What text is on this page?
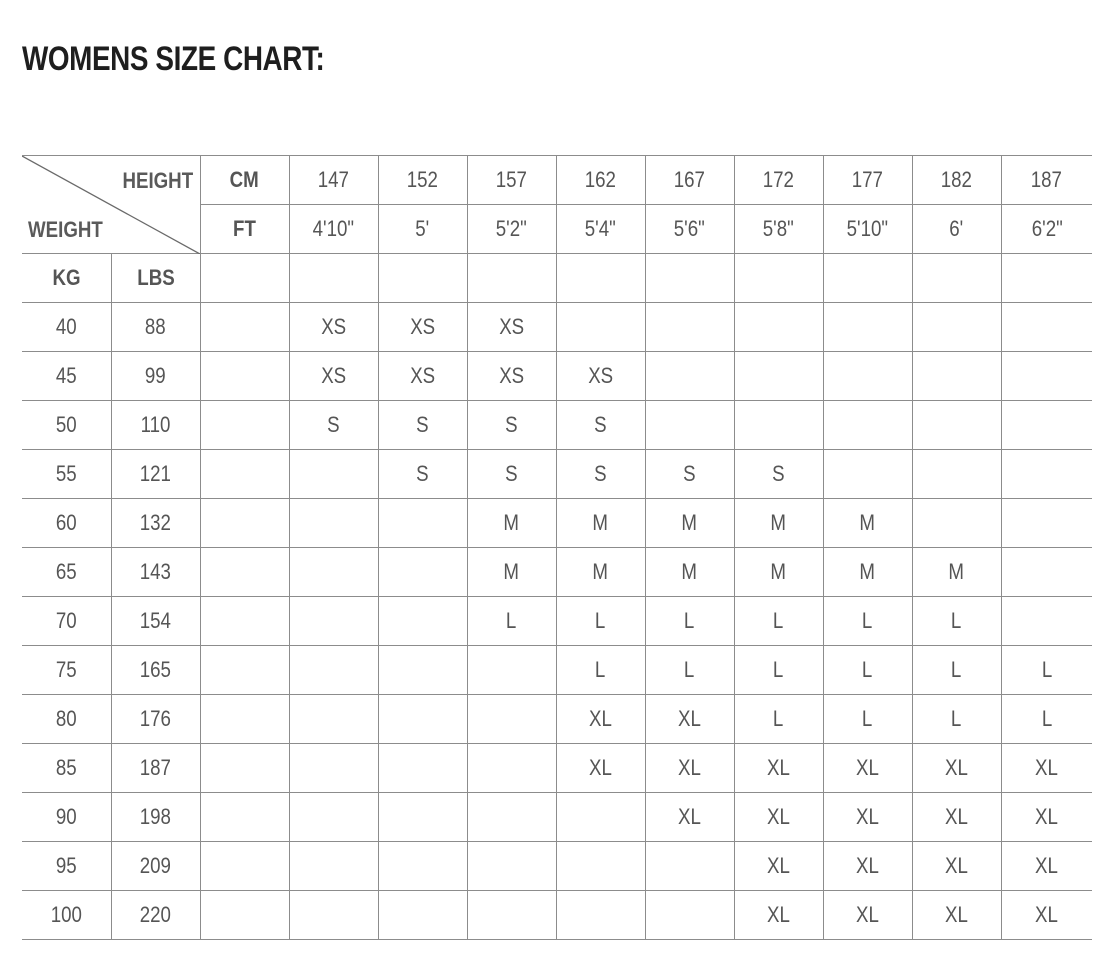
WOMENS SIZE CHART:
HEIGHT
WEIGHT		CM	147	152	157	162	167	172	177	182	187
		FT	4'10"	5'	5'2"	5'4"	5'6"	5'8"	5'10"	6'	6'2"
KG	LBS										
40	88		XS	XS	XS						
45	99		XS	XS	XS	XS					
50	110		S	S	S	S					
55	121			S	S	S	S	S			
60	132				M	M	M	M	M		
65	143				M	M	M	M	M	M	
70	154				L	L	L	L	L	L	
75	165					L	L	L	L	L	L
80	176					XL	XL	L	L	L	L
85	187					XL	XL	XL	XL	XL	XL
90	198						XL	XL	XL	XL	XL
95	209							XL	XL	XL	XL
100	220							XL	XL	XL	XL
